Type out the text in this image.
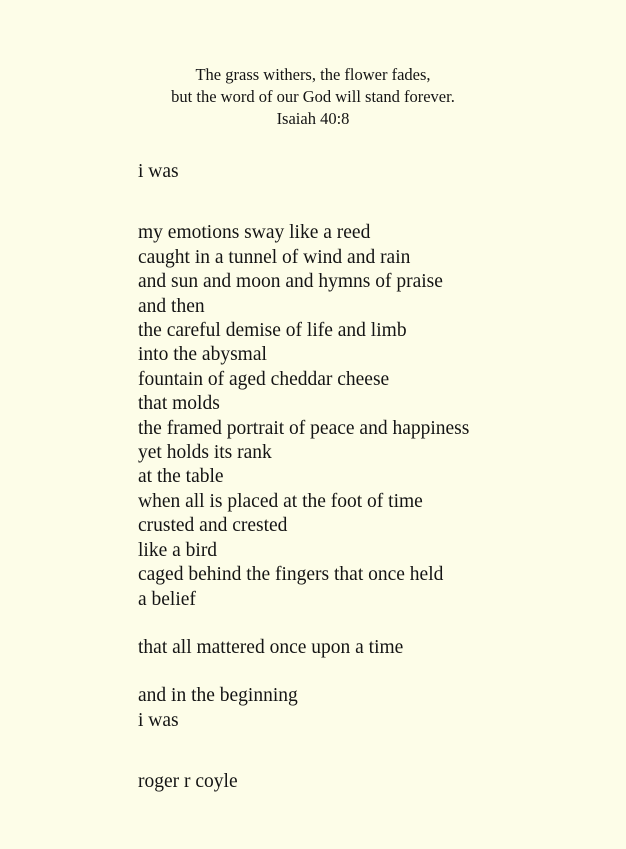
The grass withers, the flower fades,
but the word of our God will stand forever.
Isaiah 40:8
i was
my emotions sway like a reed
caught in a tunnel of wind and rain
and sun and moon and hymns of praise
and then
the careful demise of life and limb
into the abysmal
fountain of aged cheddar cheese
that molds
the framed portrait of peace and happiness
yet holds its rank
at the table
when all is placed at the foot of time
crusted and crested
like a bird
caged behind the fingers that once held
a belief
that all mattered once upon a time
and in the beginning
i was
roger r coyle
